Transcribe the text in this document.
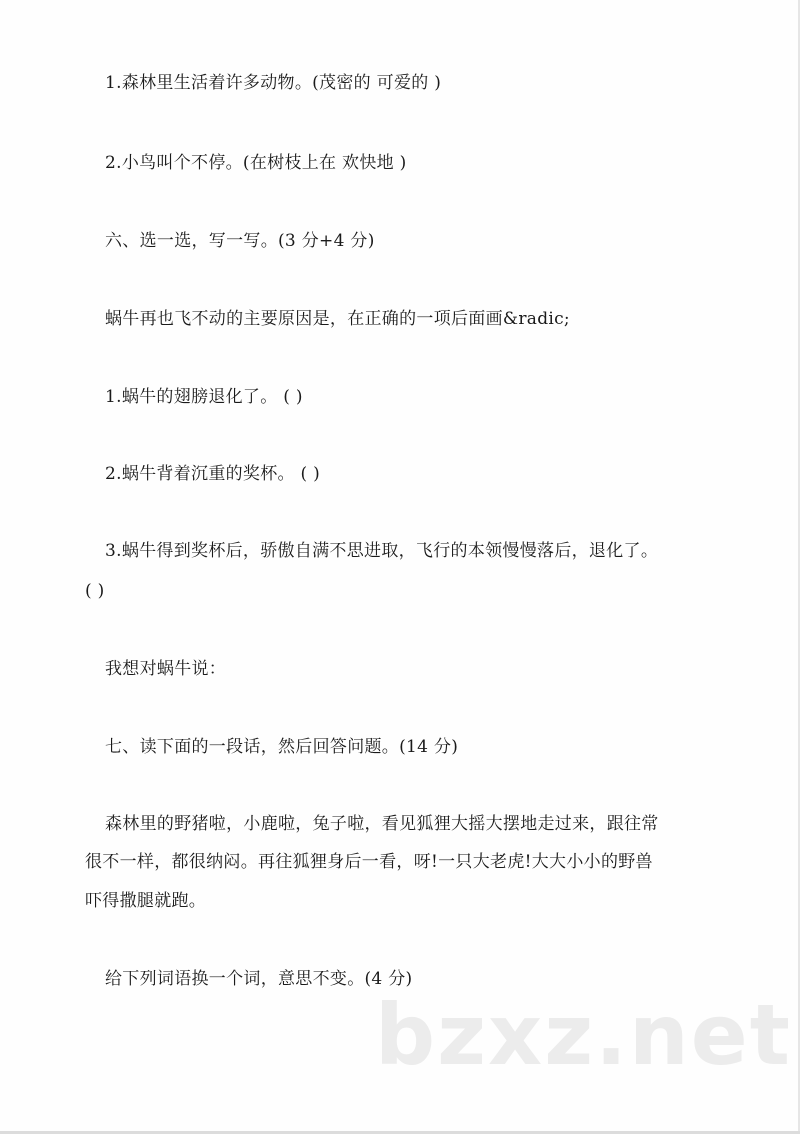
1.森林里生活着许多动物。(茂密的 可爱的 )
2.小鸟叫个不停。(在树枝上在 欢快地 )
六、选一选，写一写。(3 分+4 分)
蜗牛再也飞不动的主要原因是，在正确的一项后面画&radic;
1.蜗牛的翅膀退化了。 ( )
2.蜗牛背着沉重的奖杯。 ( )
3.蜗牛得到奖杯后，骄傲自满不思进取，飞行的本领慢慢落后，退化了。
( )
我想对蜗牛说：
七、读下面的一段话，然后回答问题。(14 分)
森林里的野猪啦，小鹿啦，兔子啦，看见狐狸大摇大摆地走过来，跟往常
很不一样，都很纳闷。再往狐狸身后一看，呀!一只大老虎!大大小小的野兽
吓得撒腿就跑。
给下列词语换一个词，意思不变。(4 分)
bzxz.net
